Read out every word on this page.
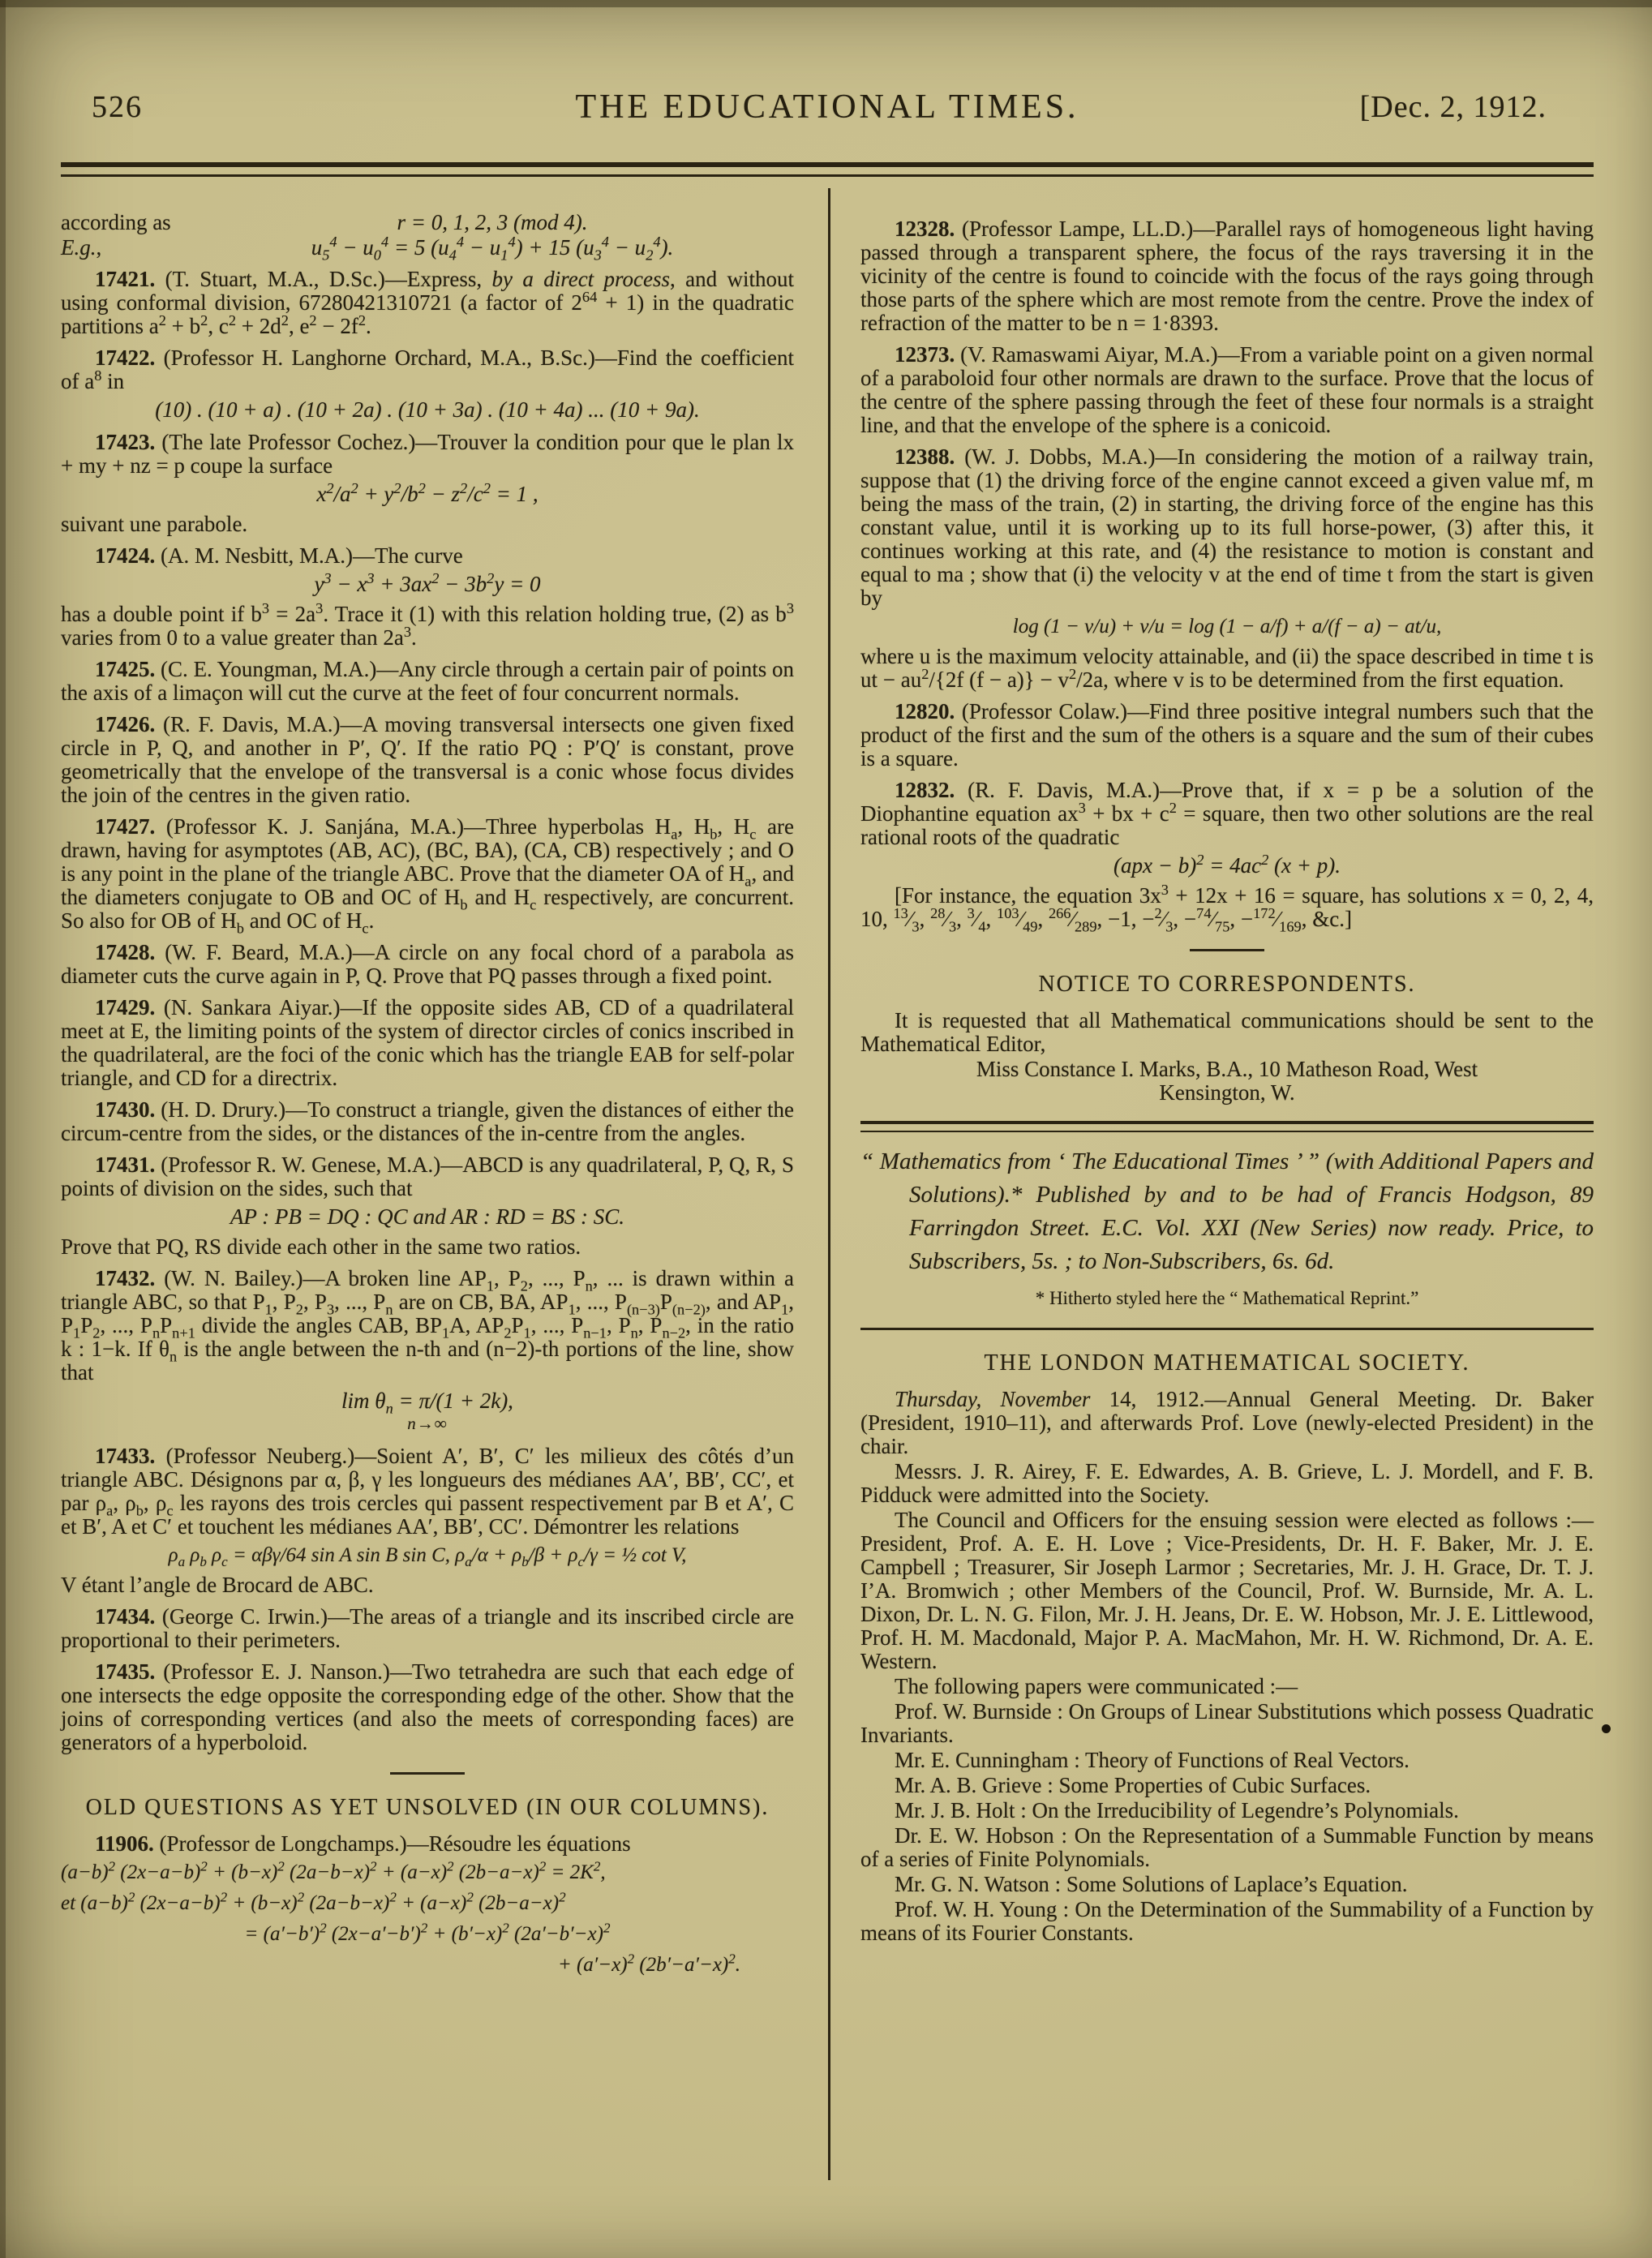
526	THE EDUCATIONAL TIMES.	[Dec. 2, 1912.
according as	r = 0, 1, 2, 3 (mod 4).
E.g.,	$u_5^4 - u_0^4 = 5$ $(u_4^4 - u_1^4) + 15$ $(u_3^4 - u_2^4)$.

17421. (T. Stuart, M.A., D.Sc.)—Express, by a direct process, and without using conformal division, 67280421310721 (a factor of $2^{64} + 1$) in the quadratic partitions $a^2 + b^2$, $c^2 + 2d^2$, $e^2 - 2f^2$.

17422. (Professor H. Langhorne Orchard, M.A., B.Sc.)—Find the coefficient of $a^8$ in

(10) . (10 + a) . (10 + 2a) . (10 + 3a) . (10 + 4a) ... (10 + 9a).

17423. (The late Professor Cochez.)—Trouver la condition pour que le plan lx + my + nz = p coupe la surface

$x^2/a^2 + y^2/b^2 - z^2/c^2 = 1$ ,

suivant une parabole.

17424. (A. M. Nesbitt, M.A.)—The curve

$y^3 - x^3 + 3ax^2 - 3b^2y = 0$

has a double point if $b^3 = 2a^3$. Trace it (1) with this relation holding true, (2) as $b^3$ varies from 0 to a value greater than $2a^3$.

17425. (C. E. Youngman, M.A.)—Any circle through a certain pair of points on the axis of a limaçon will cut the curve at the feet of four concurrent normals.

17426. (R. F. Davis, M.A.)—A moving transversal intersects one given fixed circle in P, Q, and another in P′, Q′. If the ratio PQ : P′Q′ is constant, prove geometrically that the envelope of the transversal is a conic whose focus divides the join of the centres in the given ratio.

17427. (Professor K. J. Sanjána, M.A.)—Three hyperbolas $H_a$, $H_b$, $H_c$ are drawn, having for asymptotes (AB, AC), (BC, BA), (CA, CB) respectively ; and O is any point in the plane of the triangle ABC. Prove that the diameter OA of $H_a$, and the diameters conjugate to OB and OC of $H_b$ and $H_c$ respectively, are concurrent. So also for OB of $H_b$ and OC of $H_c$.

17428. (W. F. Beard, M.A.)—A circle on any focal chord of a parabola as diameter cuts the curve again in P, Q. Prove that PQ passes through a fixed point.

17429. (N. Sankara Aiyar.)—If the opposite sides AB, CD of a quadrilateral meet at E, the limiting points of the system of director circles of conics inscribed in the quadrilateral, are the foci of the conic which has the triangle EAB for self-polar triangle, and CD for a directrix.

17430. (H. D. Drury.)—To construct a triangle, given the distances of either the circum-centre from the sides, or the distances of the in-centre from the angles.

17431. (Professor R. W. Genese, M.A.)—ABCD is any quadrilateral, P, Q, R, S points of division on the sides, such that

AP : PB = DQ : QC and AR : RD = BS : SC.

Prove that PQ, RS divide each other in the same two ratios.

17432. (W. N. Bailey.)—A broken line $AP_1$, $P_2$, ..., $P_n$, ... is drawn within a triangle ABC, so that $P_1$, $P_2$, $P_3$, ..., $P_n$ are on CB, BA, $AP_1$, ..., $P_{(n-3)}P_{(n-2)}$, and $AP_1$, $P_1P_2$, ..., $P_nP_{n+1}$ divide the angles CAB, $BP_1A$, $AP_2P_1$, ..., $P_{n-1}$, $P_n$, $P_{n-2}$, in the ratio k : 1−k. If $\theta_n$ is the angle between the n-th and (n−2)-th portions of the line, show that

$\lim \theta_n = \pi/(1 + 2k)$,
n→∞

17433. (Professor Neuberg.)—Soient A′, B′, C′ les milieux des côtés d’un triangle ABC. Désignons par α, β, γ les longueurs des médianes AA′, BB′, CC′, et par $\rho_a$, $\rho_b$, $\rho_c$ les rayons des trois cercles qui passent respectivement par B et A′, C et B′, A et C′ et touchent les médianes AA′, BB′, CC′. Démontrer les relations

$\rho_a$ $\rho_b$ $\rho_c = \alpha\beta\gamma/64$ sin A sin B sin C, $\rho_a/\alpha + \rho_b/\beta + \rho_c/\gamma$ = ½ cot V,

V étant l’angle de Brocard de ABC.

17434. (George C. Irwin.)—The areas of a triangle and its inscribed circle are proportional to their perimeters.

17435. (Professor E. J. Nanson.)—Two tetrahedra are such that each edge of one intersects the edge opposite the corresponding edge of the other. Show that the joins of corresponding vertices (and also the meets of corresponding faces) are generators of a hyperboloid.

OLD QUESTIONS AS YET UNSOLVED (IN OUR COLUMNS).

11906. (Professor de Longchamps.)—Résoudre les équations

$(a-b)^2$ $(2x-a-b)^2 + (b-x)^2$ $(2a-b-x)^2 + (a-x)^2$ $(2b-a-x)^2 = 2K^2$,
et $(a-b)^2$ $(2x-a-b)^2 + (b-x)^2$ $(2a-b-x)^2 + (a-x)^2$ $(2b-a-x)^2$
= $(a'-b')^2$ $(2x-a'-b')^2 + (b'-x)^2$ $(2a'-b'-x)^2$
+ $(a'-x)^2$ $(2b'-a'-x)^2$.

12328. (Professor Lampe, LL.D.)—Parallel rays of homogeneous light having passed through a transparent sphere, the focus of the rays traversing it in the vicinity of the centre is found to coincide with the focus of the rays going through those parts of the sphere which are most remote from the centre. Prove the index of refraction of the matter to be n = 1·8393.

12373. (V. Ramaswami Aiyar, M.A.)—From a variable point on a given normal of a paraboloid four other normals are drawn to the surface. Prove that the locus of the centre of the sphere passing through the feet of these four normals is a straight line, and that the envelope of the sphere is a conicoid.

12388. (W. J. Dobbs, M.A.)—In considering the motion of a railway train, suppose that (1) the driving force of the engine cannot exceed a given value mf, m being the mass of the train, (2) in starting, the driving force of the engine has this constant value, until it is working up to its full horse-power, (3) after this, it continues working at this rate, and (4) the resistance to motion is constant and equal to ma ; show that (i) the velocity v at the end of time t from the start is given by

log (1 − v/u) + v/u = log (1 − a/f) + a/(f − a) − at/u,

where u is the maximum velocity attainable, and (ii) the space described in time t is ut − $au^2/\{2f$ $(f - a)\} - v^2/2a$, where v is to be determined from the first equation.

12820. (Professor Colaw.)—Find three positive integral numbers such that the product of the first and the sum of the others is a square and the sum of their cubes is a square.

12832. (R. F. Davis, M.A.)—Prove that, if x = p be a solution of the Diophantine equation $ax^3$ + bx + $c^2$ = square, then two other solutions are the real rational roots of the quadratic

$(apx - b)^2 = 4ac^2$ (x + p).

[For instance, the equation $3x^3 + 12x + 16$ = square, has solutions x = 0, 2, 4, 10, $^{13}⁄_3$, $^{28}⁄_3$, $^3⁄_4$, $^{103}⁄_{49}$, $^{266}⁄_{289}$, −1, $-^2⁄_3$, $-^{74}⁄_{75}$, $-^{172}⁄_{169}$, &c.]

NOTICE TO CORRESPONDENTS.

It is requested that all Mathematical communications should be sent to the Mathematical Editor,

Miss Constance I. Marks, B.A., 10 Matheson Road, West
Kensington, W.

“ Mathematics from ‘ The Educational Times ’ ” (with Additional Papers and Solutions).* Published by and to be had of Francis Hodgson, 89 Farringdon Street. E.C. Vol. XXI (New Series) now ready. Price, to Subscribers, 5s. ; to Non-Subscribers, 6s. 6d.

* Hitherto styled here the “ Mathematical Reprint.”

THE LONDON MATHEMATICAL SOCIETY.

Thursday, November 14, 1912.—Annual General Meeting. Dr. Baker (President, 1910–11), and afterwards Prof. Love (newly-elected President) in the chair.

Messrs. J. R. Airey, F. E. Edwardes, A. B. Grieve, L. J. Mordell, and F. B. Pidduck were admitted into the Society.

The Council and Officers for the ensuing session were elected as follows :—President, Prof. A. E. H. Love ; Vice-Presidents, Dr. H. F. Baker, Mr. J. E. Campbell ; Treasurer, Sir Joseph Larmor ; Secretaries, Mr. J. H. Grace, Dr. T. J. I’A. Bromwich ; other Members of the Council, Prof. W. Burnside, Mr. A. L. Dixon, Dr. L. N. G. Filon, Mr. J. H. Jeans, Dr. E. W. Hobson, Mr. J. E. Littlewood, Prof. H. M. Macdonald, Major P. A. MacMahon, Mr. H. W. Richmond, Dr. A. E. Western.

The following papers were communicated :—

Prof. W. Burnside : On Groups of Linear Substitutions which possess Quadratic Invariants.

Mr. E. Cunningham : Theory of Functions of Real Vectors.

Mr. A. B. Grieve : Some Properties of Cubic Surfaces.

Mr. J. B. Holt : On the Irreducibility of Legendre’s Polynomials.

Dr. E. W. Hobson : On the Representation of a Summable Function by means of a series of Finite Polynomials.

Mr. G. N. Watson : Some Solutions of Laplace’s Equation.

Prof. W. H. Young : On the Determination of the Summability of a Function by means of its Fourier Constants.
